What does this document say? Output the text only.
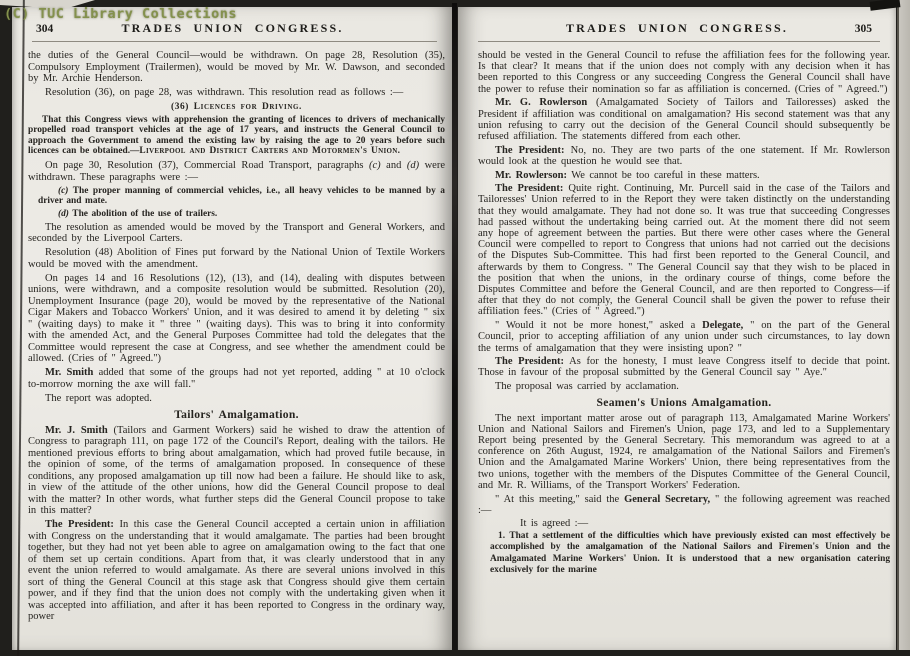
304	TRADES UNION CONGRESS.

the duties of the General Council—would be withdrawn. On page 28, Resolution (35), Compulsory Employment (Trailermen), would be moved by Mr. W. Dawson, and seconded by Mr. Archie Henderson.

Resolution (36), on page 28, was withdrawn. This resolution read as follows :—

(36) Licences for Driving.

That this Congress views with apprehension the granting of licences to drivers of mechanically propelled road transport vehicles at the age of 17 years, and instructs the General Council to approach the Government to amend the existing law by raising the age to 20 years before such licences can be obtained.—Liverpool and District Carters and Motormen's Union.

On page 30, Resolution (37), Commercial Road Transport, paragraphs (c) and (d) were withdrawn. These paragraphs were :—

(c) The proper manning of commercial vehicles, i.e., all heavy vehicles to be manned by a driver and mate.

(d) The abolition of the use of trailers.

The resolution as amended would be moved by the Transport and General Workers, and seconded by the Liverpool Carters.

Resolution (48) Abolition of Fines put forward by the National Union of Textile Workers would be moved with the amendment.

On pages 14 and 16 Resolutions (12), (13), and (14), dealing with disputes between unions, were withdrawn, and a composite resolution would be submitted. Resolution (20), Unemployment Insurance (page 20), would be moved by the representative of the National Cigar Makers and Tobacco Workers' Union, and it was desired to amend it by deleting " six " (waiting days) to make it " three " (waiting days). This was to bring it into conformity with the amended Act, and the General Purposes Committee had told the delegates that the Committee would represent the case at Congress, and see whether the amendment could be allowed. (Cries of " Agreed.")

Mr. Smith added that some of the groups had not yet reported, adding " at 10 o'clock to-morrow morning the axe will fall."

The report was adopted.

Tailors' Amalgamation.

Mr. J. Smith (Tailors and Garment Workers) said he wished to draw the attention of Congress to paragraph 111, on page 172 of the Council's Report, dealing with the tailors. He mentioned previous efforts to bring about amalgamation, which had proved futile because, in the opinion of some, of the terms of amalgamation proposed. In consequence of these conditions, any proposed amalgamation up till now had been a failure. He should like to ask, in view of the attitude of the other unions, how did the General Council propose to deal with the matter? In other words, what further steps did the General Council propose to take in this matter?

The President: In this case the General Council accepted a certain union in affiliation with Congress on the understanding that it would amalgamate. The parties had been brought together, but they had not yet been able to agree on amalgamation owing to the fact that one of them set up certain conditions. Apart from that, it was clearly understood that in any event the union referred to would amalgamate. As there are several unions involved in this sort of thing the General Council at this stage ask that Congress should give them certain power, and if they find that the union does not comply with the undertaking given when it was accepted into affiliation, and after it has been reported to Congress in the ordinary way, power

TRADES UNION CONGRESS.	305

should be vested in the General Council to refuse the affiliation fees for the following year. Is that clear? It means that if the union does not comply with any decision when it has been reported to this Congress or any succeeding Congress the General Council shall have the power to refuse their nomination so far as affiliation is concerned. (Cries of " Agreed.")

Mr. G. Rowlerson (Amalgamated Society of Tailors and Tailoresses) asked the President if affiliation was conditional on amalgamation? His second statement was that any union refusing to carry out the decision of the General Council should subsequently be refused affiliation. The statements differed from each other.

The President: No, no. They are two parts of the one statement. If Mr. Rowlerson would look at the question he would see that.

Mr. Rowlerson: We cannot be too careful in these matters.

The President: Quite right. Continuing, Mr. Purcell said in the case of the Tailors and Tailoresses' Union referred to in the Report they were taken distinctly on the understanding that they would amalgamate. They had not done so. It was true that succeeding Congresses had passed without the undertaking being carried out. At the moment there did not seem any hope of agreement between the parties. But there were other cases where the General Council were compelled to report to Congress that unions had not carried out the decisions of the Disputes Sub-Committee. This had first been reported to the General Council, and afterwards by them to Congress. " The General Council say that they wish to be placed in the position that when the unions, in the ordinary course of things, come before the Disputes Committee and before the General Council, and are then reported to Congress—if after that they do not comply, the General Council shall be given the power to refuse their affiliation fees." (Cries of " Agreed.")

" Would it not be more honest," asked a Delegate, " on the part of the General Council, prior to accepting affiliation of any union under such circumstances, to lay down the terms of amalgamation that they were insisting upon? "

The President: As for the honesty, I must leave Congress itself to decide that point. Those in favour of the proposal submitted by the General Council say " Aye."

The proposal was carried by acclamation.

Seamen's Unions Amalgamation.

The next important matter arose out of paragraph 113, Amalgamated Marine Workers' Union and National Sailors and Firemen's Union, page 173, and led to a Supplementary Report being presented by the General Secretary. This memorandum was agreed to at a conference on 26th August, 1924, re amalgamation of the National Sailors and Firemen's Union and the Amalgamated Marine Workers' Union, there being representatives from the two unions, together with the members of the Disputes Committee of the General Council, and Mr. R. Williams, of the Transport Workers' Federation.

" At this meeting," said the General Secretary, " the following agreement was reached :—

It is agreed :—

1. That a settlement of the difficulties which have previously existed can most effectively be accomplished by the amalgamation of the National Sailors and Firemen's Union and the Amalgamated Marine Workers' Union. It is understood that a new organisation catering exclusively for the marine

(C) TUC Library Collections
